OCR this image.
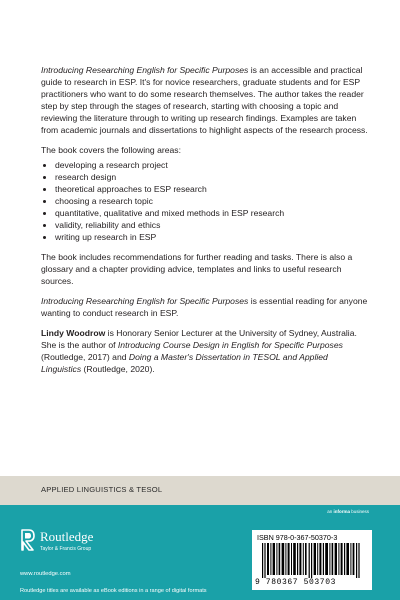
Introducing Researching English for Specific Purposes is an accessible and practical guide to research in ESP. It's for novice researchers, graduate students and for ESP practitioners who want to do some research themselves. The author takes the reader step by step through the stages of research, starting with choosing a topic and reviewing the literature through to writing up research findings. Examples are taken from academic journals and dissertations to highlight aspects of the research process.

The book covers the following areas:

• developing a research project
• research design
• theoretical approaches to ESP research
• choosing a research topic
• quantitative, qualitative and mixed methods in ESP research
• validity, reliability and ethics
• writing up research in ESP

The book includes recommendations for further reading and tasks. There is also a glossary and a chapter providing advice, templates and links to useful research sources.

Introducing Researching English for Specific Purposes is essential reading for anyone wanting to conduct research in ESP.

Lindy Woodrow is Honorary Senior Lecturer at the University of Sydney, Australia. She is the author of Introducing Course Design in English for Specific Purposes (Routledge, 2017) and Doing a Master's Dissertation in TESOL and Applied Linguistics (Routledge, 2020).

APPLIED LINGUISTICS & TESOL
an informa business
Routledge
Taylor & Francis Group
www.routledge.com
Routledge titles are available as eBook editions in a range of digital formats
ISBN 978-0-367-50370-3
9 780367 503703
